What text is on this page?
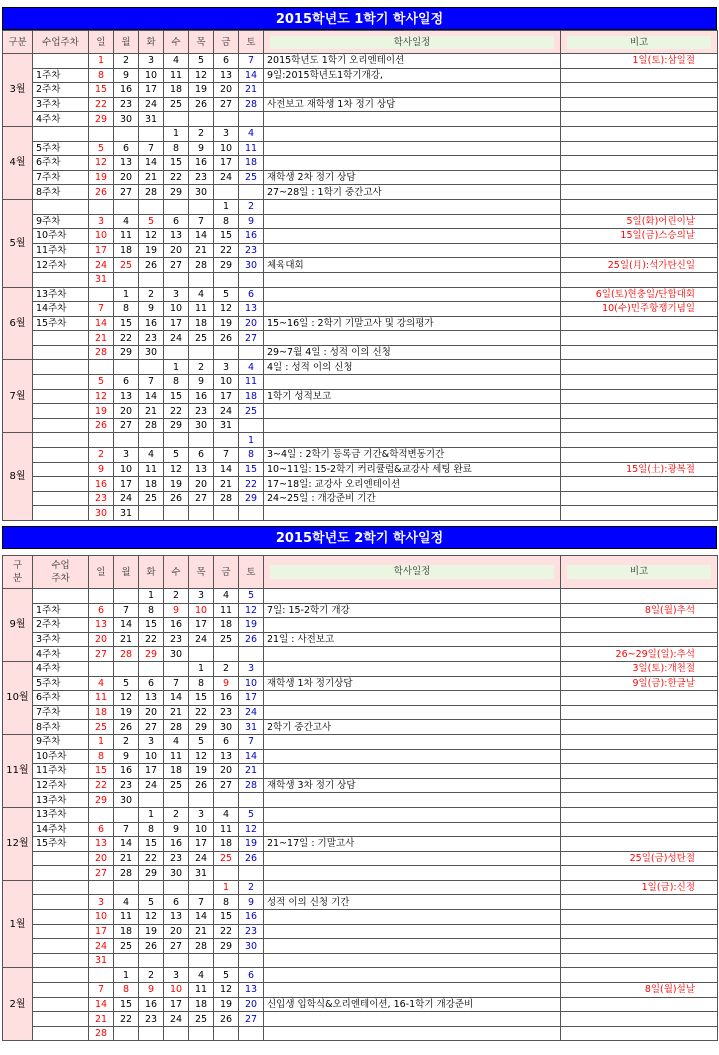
2015학년도 1학기 학사일정
구분	수업주차	일	월	화	수	목	금	토	학사일정	비고

3월		1	2	3	4	5	6	7	2015학년도 1학기 오리엔테이션	1일(토):삼일절
	1주차	8	9	10	11	12	13	14	9일:2015학년도1학기개강,	
	2주차	15	16	17	18	19	20	21		
	3주차	22	23	24	25	26	27	28	사전보고 재학생 1차 정기 상담	
	4주차	29	30	31						
4월					1	2	3	4		
	5주차	5	6	7	8	9	10	11		
	6주차	12	13	14	15	16	17	18		
	7주차	19	20	21	22	23	24	25	재학생 2차 정기 상담	
	8주차	26	27	28	29	30			27~28일 : 1학기 중간고사	
5월							1	2		
	9주차	3	4	5	6	7	8	9		5일(화)어린이날
	10주차	10	11	12	13	14	15	16		15일(금)스승의날
	11주차	17	18	19	20	21	22	23		
	12주차	24	25	26	27	28	29	30	체육대회	25일(月):석가탄신일
		31								
6월	13주차		1	2	3	4	5	6		6일(토)현충일/단합대회
	14주차	7	8	9	10	11	12	13		10(수)민주항쟁기념일
	15주차	14	15	16	17	18	19	20	15~16일 : 2학기 기말고사 및 강의평가	
		21	22	23	24	25	26	27		
		28	29	30					29~7월 4일 : 성적 이의 신청	
7월					1	2	3	4	4일 : 성적 이의 신청	
		5	6	7	8	9	10	11		
		12	13	14	15	16	17	18	1학기 성적보고	
		19	20	21	22	23	24	25		
		26	27	28	29	30	31			
8월								1		
		2	3	4	5	6	7	8	3~4일 : 2학기 등록금 기간&학적변동기간	
		9	10	11	12	13	14	15	10~11일: 15-2학기 커리큘럼&교강사 세팅 완료	15일(土):광복절
		16	17	18	19	20	21	22	17~18일: 교강사 오리엔테이션	
		23	24	25	26	27	28	29	24~25일 : 개강준비 기간	
		30	31							
2015학년도 2학기 학사일정
구분	수업주차	일	월	화	수	목	금	토	학사일정	비고

9월				1	2	3	4	5		
	1주차	6	7	8	9	10	11	12	7일: 15-2학기 개강	8일(월)추석
	2주차	13	14	15	16	17	18	19		
	3주차	20	21	22	23	24	25	26	21일 : 사전보고	
	4주차	27	28	29	30					26~29일(일):추석
10월	4주차					1	2	3		3일(토):개천절
	5주차	4	5	6	7	8	9	10	재학생 1차 정기상담	9일(금):한글날
	6주차	11	12	13	14	15	16	17		
	7주차	18	19	20	21	22	23	24		
	8주차	25	26	27	28	29	30	31	2학기 중간고사	
11월	9주차	1	2	3	4	5	6	7		
	10주차	8	9	10	11	12	13	14		
	11주차	15	16	17	18	19	20	21		
	12주차	22	23	24	25	26	27	28	재학생 3차 정기 상담	
	13주차	29	30							
12월	13주차			1	2	3	4	5		
	14주차	6	7	8	9	10	11	12		
	15주차	13	14	15	16	17	18	19	21~17일 : 기말고사	
		20	21	22	23	24	25	26		25일(금)성탄절
		27	28	29	30	31				
1월							1	2		1일(금):신정
		3	4	5	6	7	8	9	성적 이의 신청 기간	
		10	11	12	13	14	15	16		
		17	18	19	20	21	22	23		
		24	25	26	27	28	29	30		
		31								
2월			1	2	3	4	5	6		
		7	8	9	10	11	12	13		8일(월)설날
		14	15	16	17	18	19	20	신입생 입학식&오리엔테이션, 16-1학기 개강준비	
		21	22	23	24	25	26	27		
		28								
